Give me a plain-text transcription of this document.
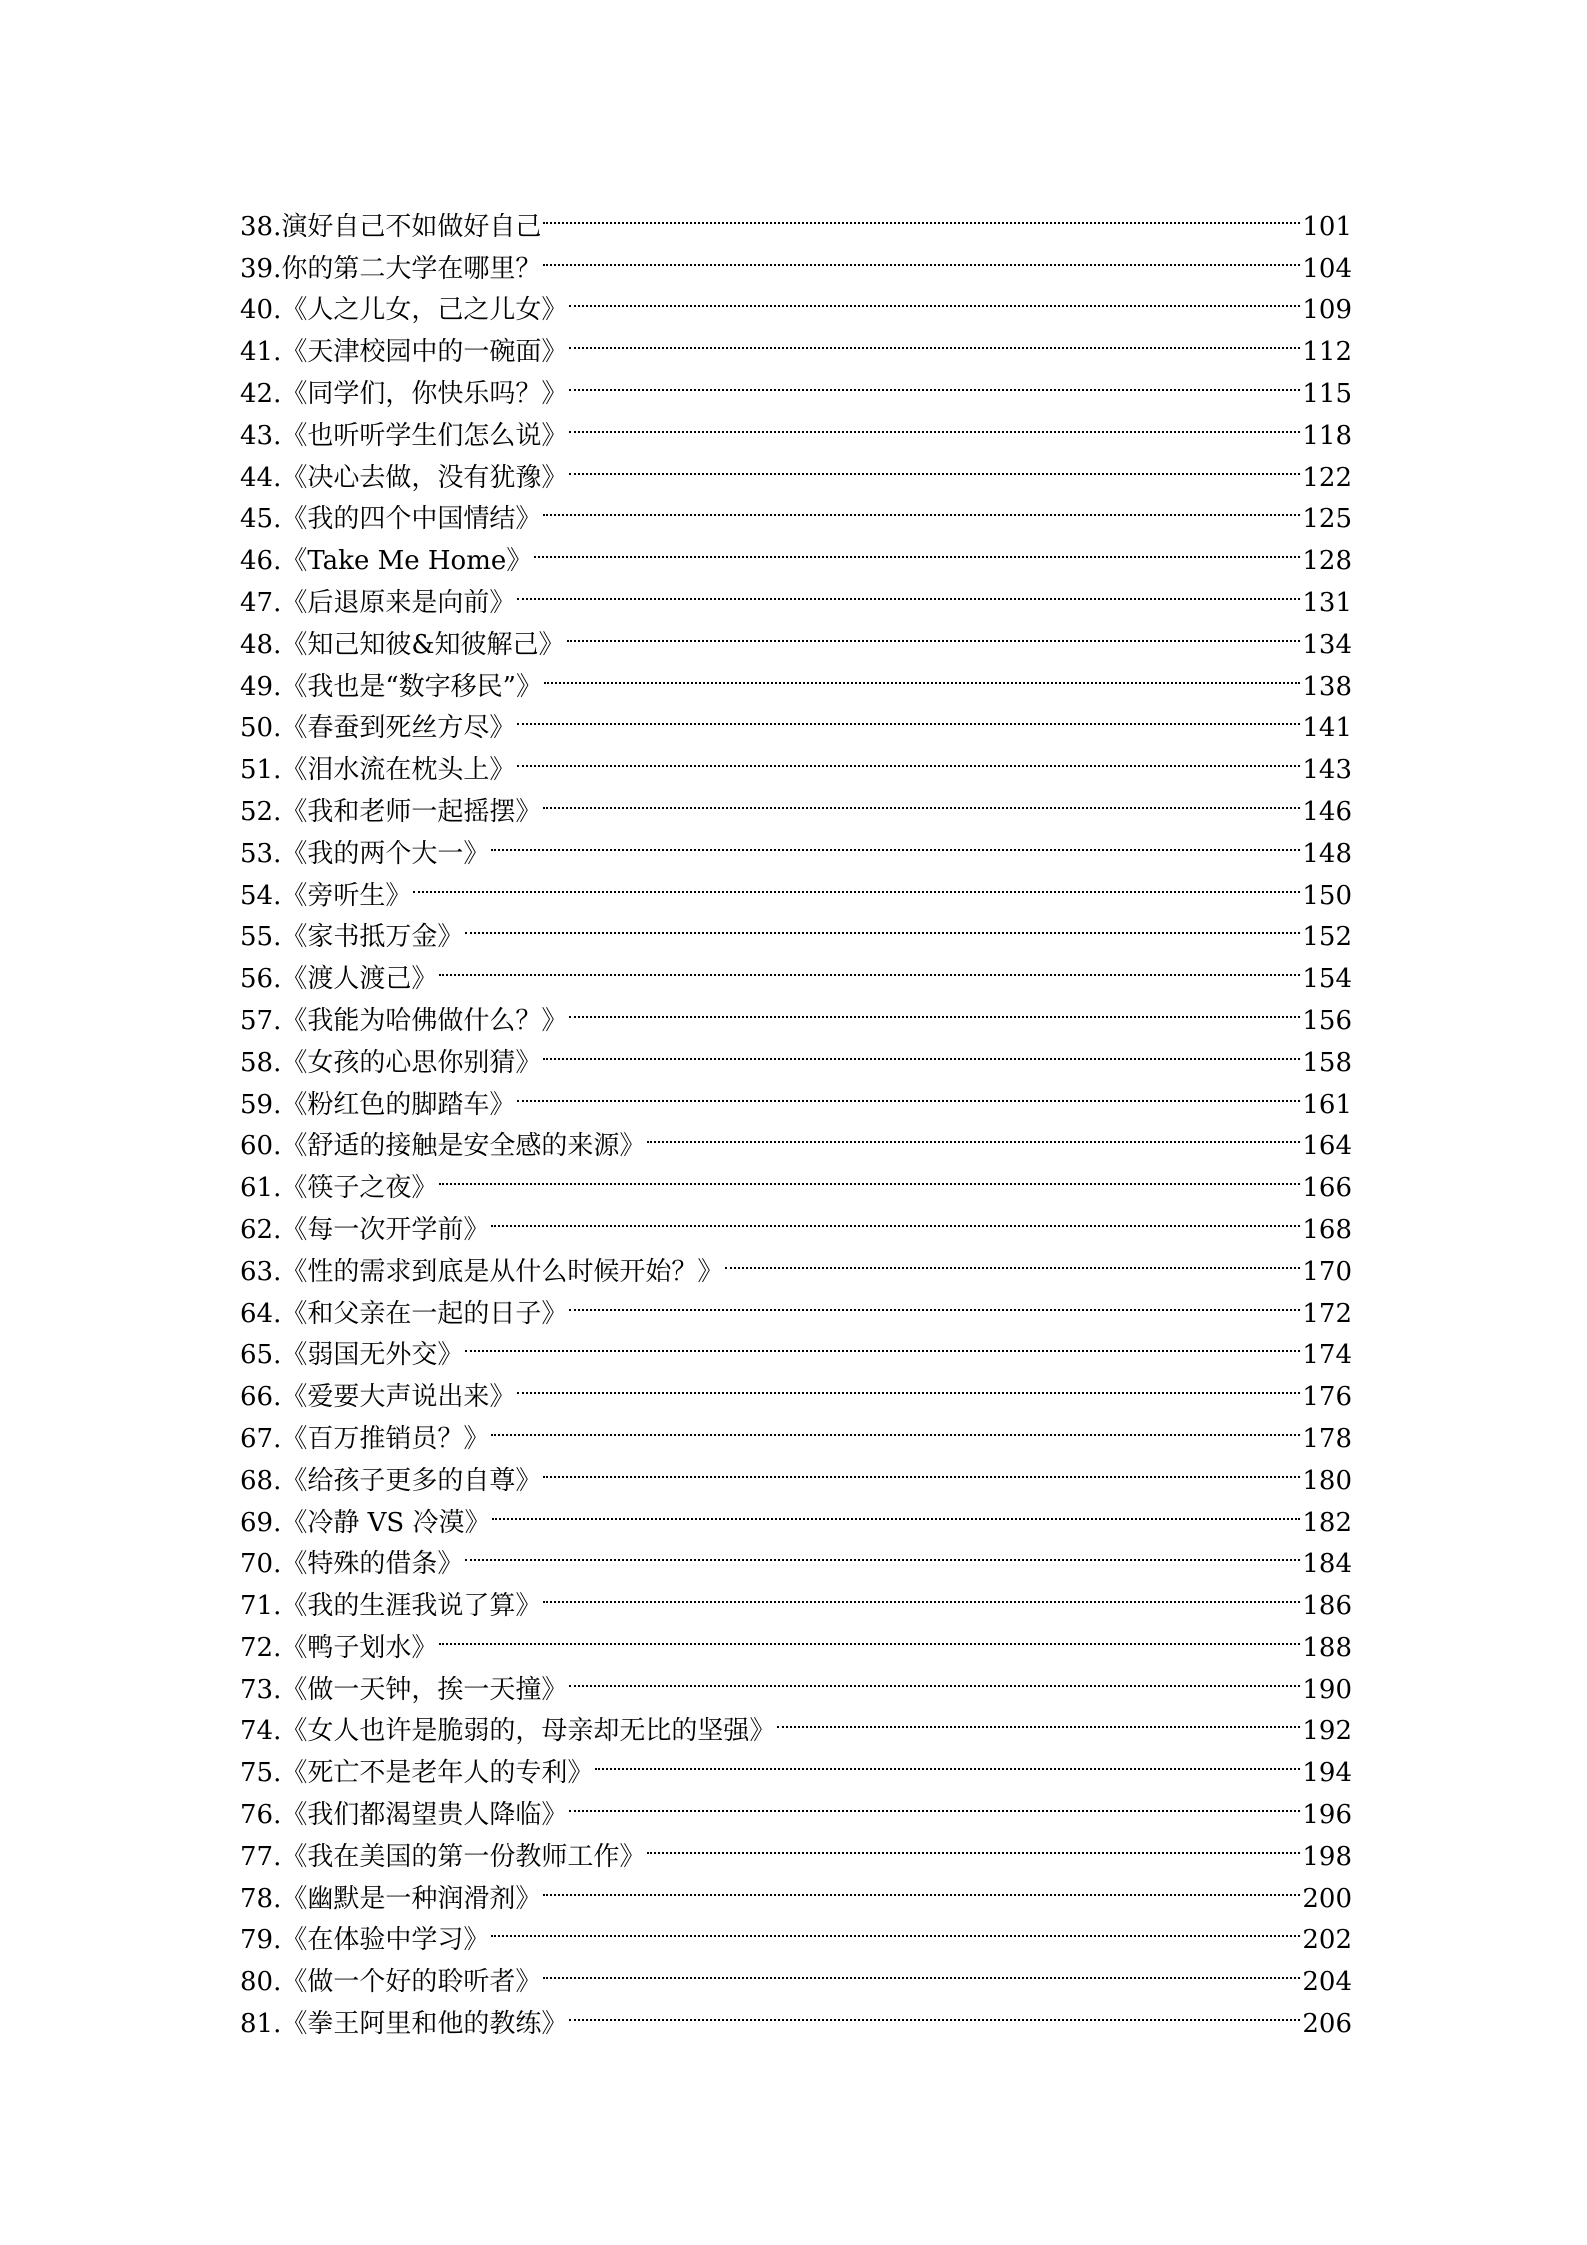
38. 演好自己不如做好自己	101
39. 你的第二大学在哪里？	104
40. 《人之儿女，己之儿女》	109
41. 《天津校园中的一碗面》	112
42. 《同学们，你快乐吗？》	115
43. 《也听听学生们怎么说》	118
44. 《决心去做，没有犹豫》	122
45. 《我的四个中国情结》	125
46. 《Take Me Home》	128
47. 《后退原来是向前》	131
48. 《知己知彼&知彼解己》	134
49. 《我也是“数字移民”》	138
50. 《春蚕到死丝方尽》	141
51. 《泪水流在枕头上》	143
52. 《我和老师一起摇摆》	146
53. 《我的两个大一》	148
54. 《旁听生》	150
55. 《家书抵万金》	152
56. 《渡人渡己》	154
57. 《我能为哈佛做什么？》	156
58. 《女孩的心思你别猜》	158
59. 《粉红色的脚踏车》	161
60. 《舒适的接触是安全感的来源》	164
61. 《筷子之夜》	166
62. 《每一次开学前》	168
63. 《性的需求到底是从什么时候开始？》	170
64. 《和父亲在一起的日子》	172
65. 《弱国无外交》	174
66. 《爱要大声说出来》	176
67. 《百万推销员？》	178
68. 《给孩子更多的自尊》	180
69. 《冷静 VS 冷漠》	182
70. 《特殊的借条》	184
71. 《我的生涯我说了算》	186
72. 《鸭子划水》	188
73. 《做一天钟，挨一天撞》	190
74. 《女人也许是脆弱的，母亲却无比的坚强》	192
75. 《死亡不是老年人的专利》	194
76. 《我们都渴望贵人降临》	196
77. 《我在美国的第一份教师工作》	198
78. 《幽默是一种润滑剂》	200
79. 《在体验中学习》	202
80. 《做一个好的聆听者》	204
81. 《拳王阿里和他的教练》	206
